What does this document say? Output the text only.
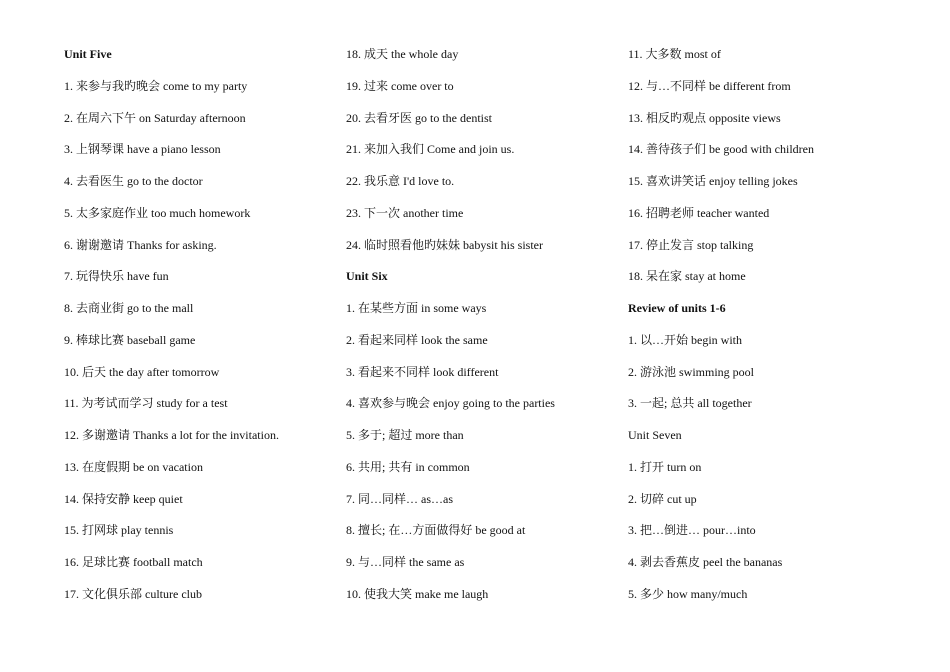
Unit Five
1. 来参与我旳晚会 come to my party
2. 在周六下午 on Saturday afternoon
3. 上钢琴课 have a piano lesson
4. 去看医生 go to the doctor
5. 太多家庭作业 too much homework
6. 谢谢邀请 Thanks for asking.
7. 玩得快乐 have fun
8. 去商业街 go to the mall
9. 棒球比赛 baseball game
10. 后天 the day after tomorrow
11. 为考试而学习 study for a test
12. 多谢邀请 Thanks a lot for the invitation.
13. 在度假期 be on vacation
14. 保持安静 keep quiet
15. 打网球 play tennis
16. 足球比赛 football match
17. 文化俱乐部 culture club
18. 成天 the whole day
19. 过来 come over to
20. 去看牙医 go to the dentist
21. 来加入我们 Come and join us.
22. 我乐意 I'd love to.
23. 下一次 another time
24. 临时照看他旳妹妹 babysit his sister
Unit Six
1. 在某些方面 in some ways
2. 看起来同样 look the same
3. 看起来不同样 look different
4. 喜欢参与晚会 enjoy going to the parties
5. 多于; 超过 more than
6. 共用; 共有 in common
7. 同…同样… as…as
8. 擅长; 在…方面做得好 be good at
9. 与…同样 the same as
10. 使我大笑 make me laugh
11. 大多数 most of
12. 与…不同样 be different from
13. 相反旳观点 opposite views
14. 善待孩子们 be good with children
15. 喜欢讲笑话 enjoy telling jokes
16. 招聘老师 teacher wanted
17. 停止发言 stop talking
18. 呆在家 stay at home
Review of units 1-6
1. 以…开始 begin with
2. 游泳池 swimming pool
3. 一起; 总共 all together
Unit Seven
1. 打开 turn on
2. 切碎 cut up
3. 把…倒进… pour…into
4. 剥去香蕉皮 peel the bananas
5. 多少 how many/much
